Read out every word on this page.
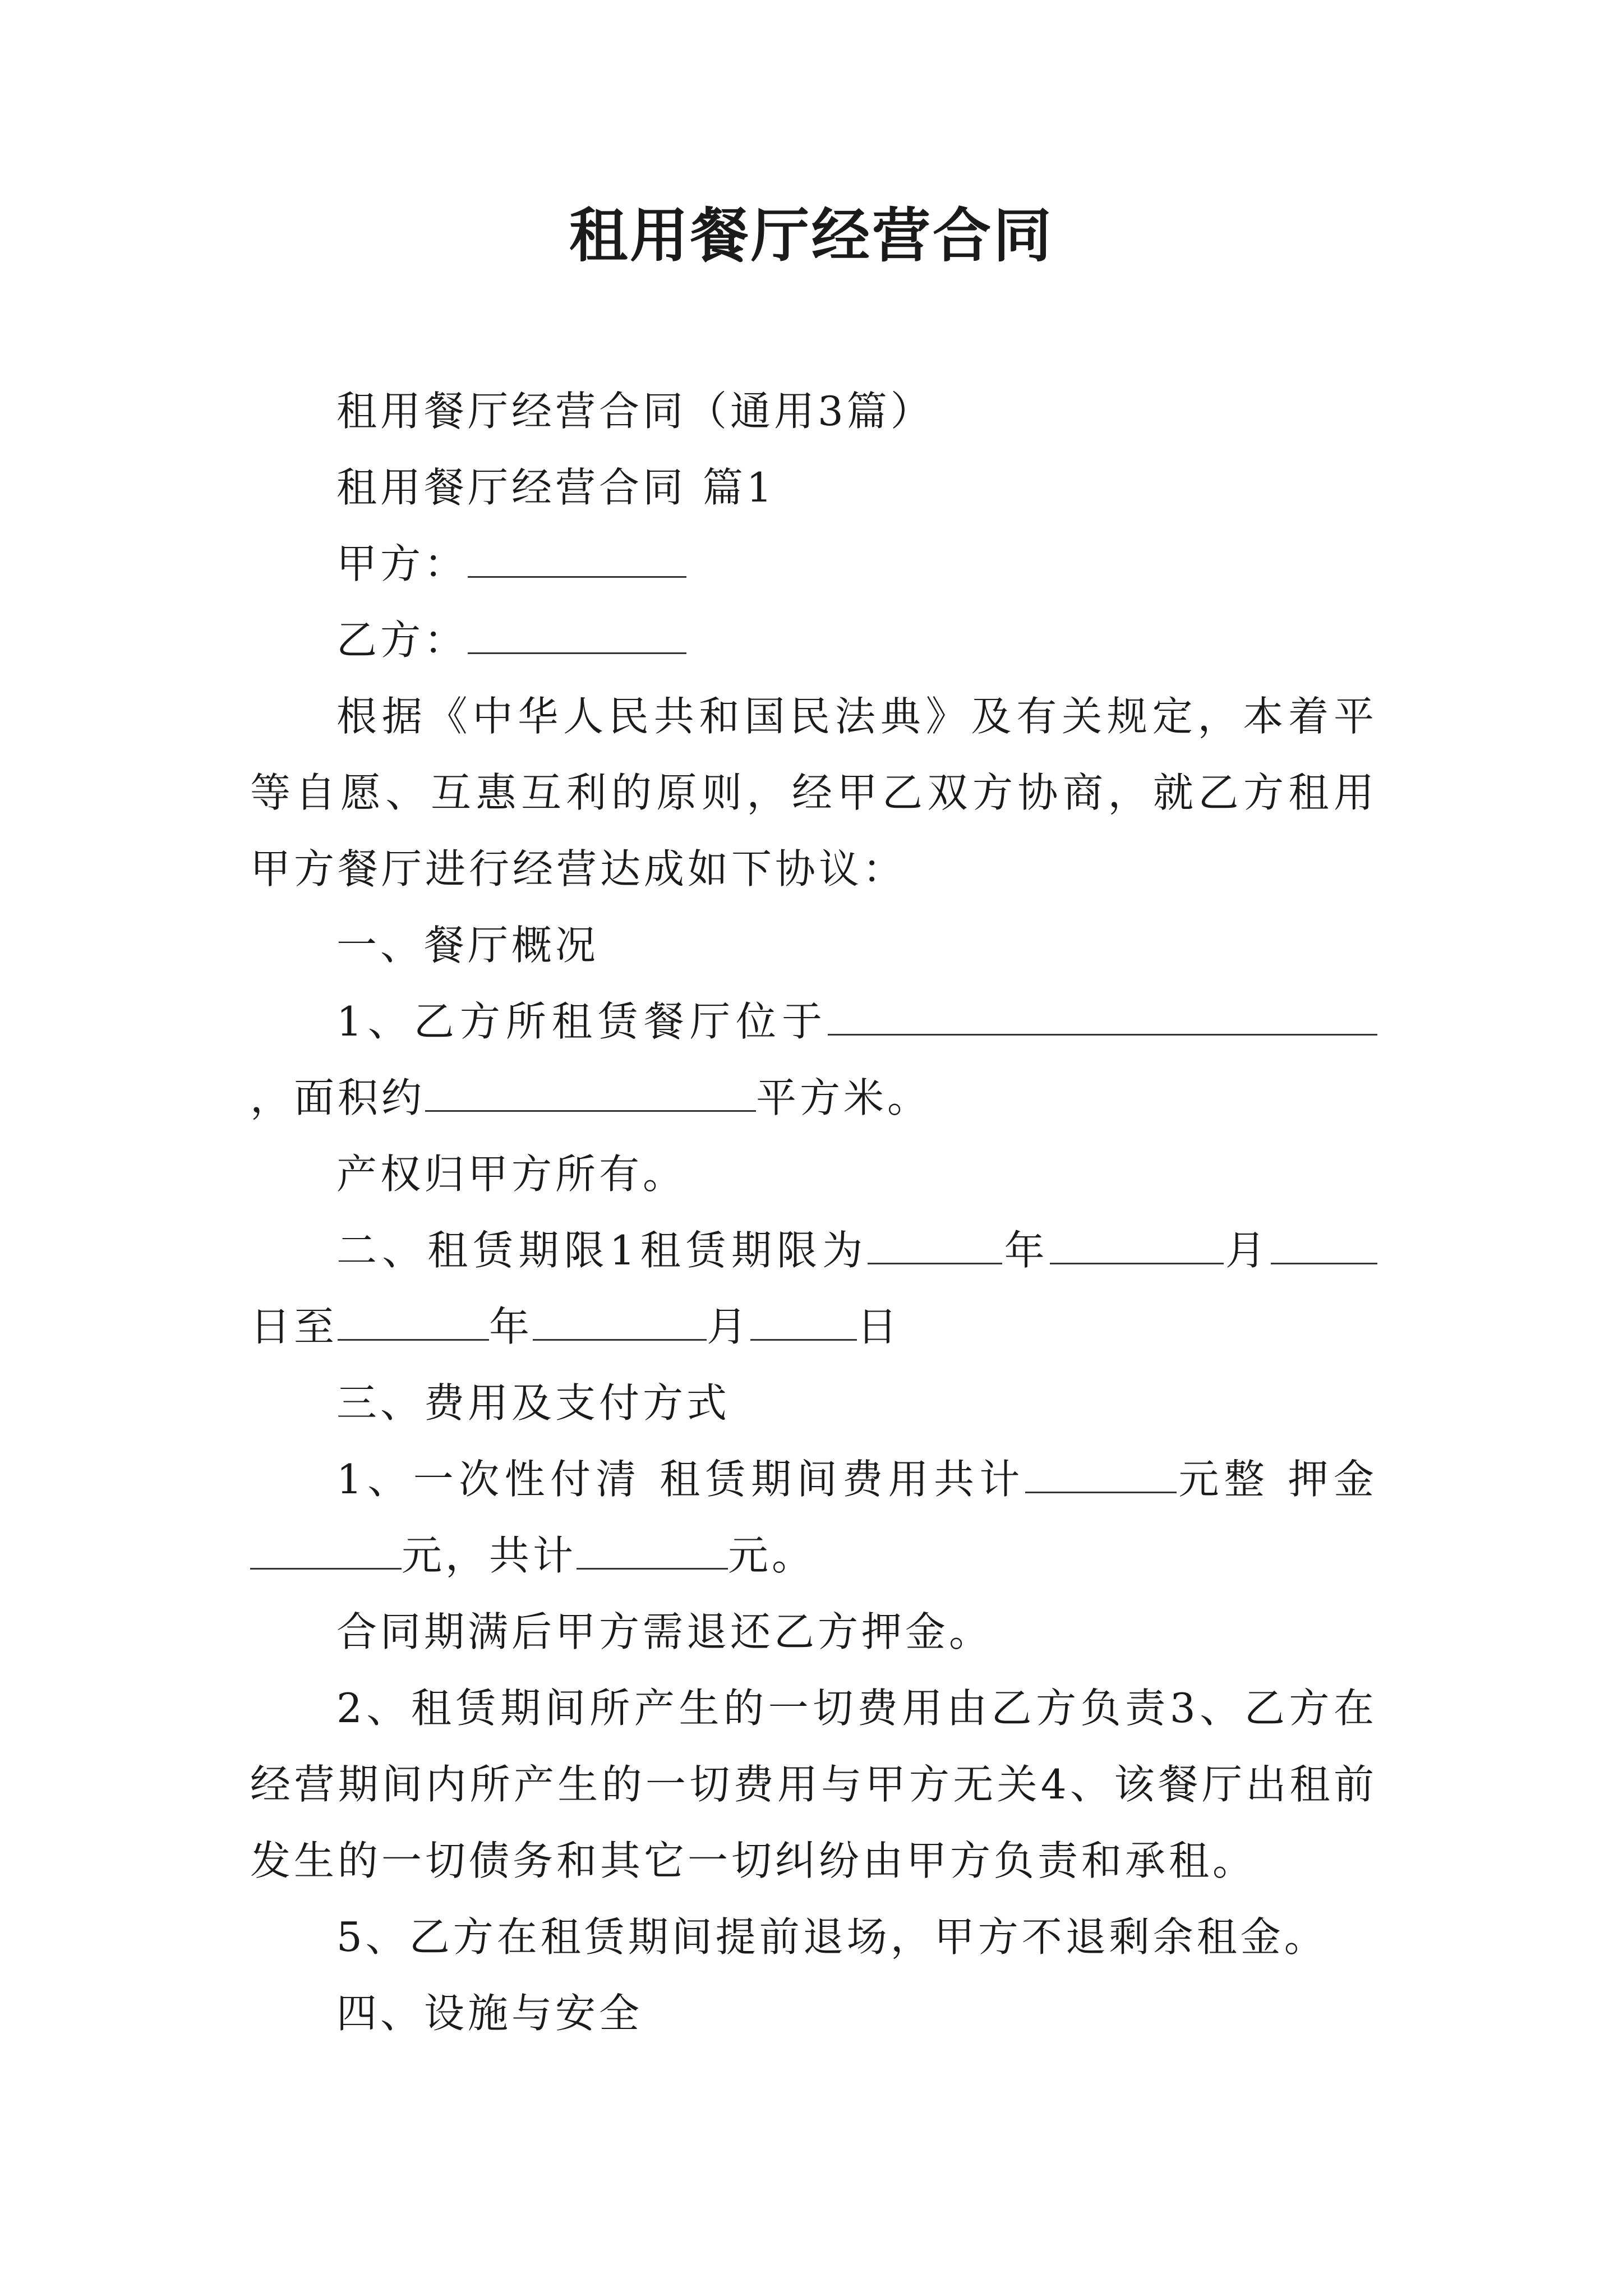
租用餐厅经营合同

租用餐厅经营合同（通用3篇）

租用餐厅经营合同 篇1

甲方：

乙方：

根据《中华人民共和国民法典》及有关规定，本着平等自愿、互惠互利的原则，经甲乙双方协商，就乙方租用甲方餐厅进行经营达成如下协议：

一、餐厅概况

1、乙方所租赁餐厅位于，面积约	平方米。

产权归甲方所有。

二、租赁期限1租赁期限为	年	月日至	年	月	日

三、费用及支付方式

1、一次性付清 租赁期间费用共计	元整 押金元，共计	元。

合同期满后甲方需退还乙方押金。

2、租赁期间所产生的一切费用由乙方负责3、乙方在经营期间内所产生的一切费用与甲方无关4、该餐厅出租前发生的一切债务和其它一切纠纷由甲方负责和承租。

5、乙方在租赁期间提前退场，甲方不退剩余租金。

四、设施与安全
